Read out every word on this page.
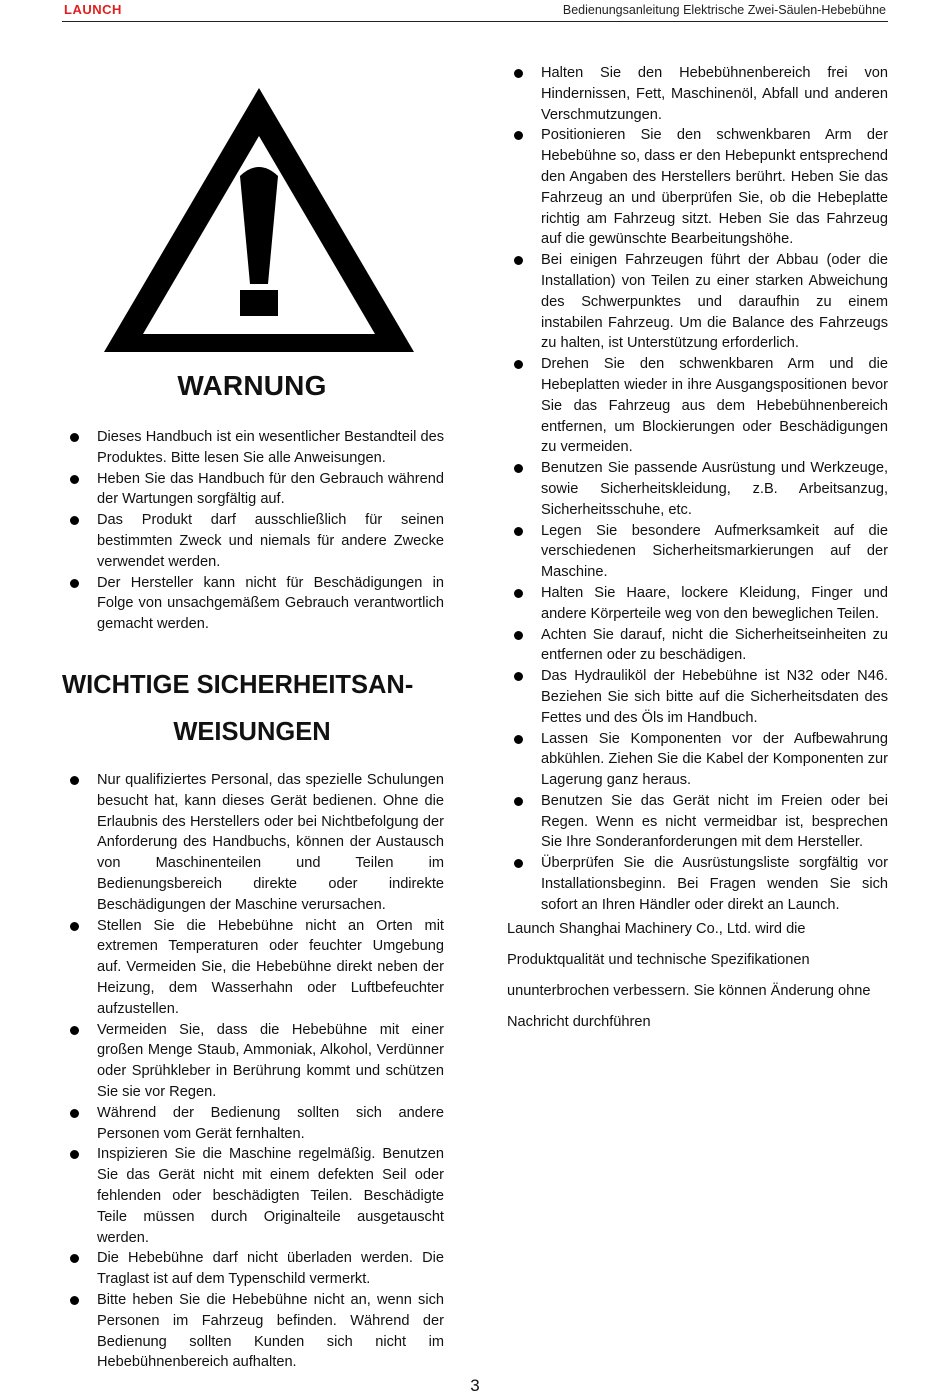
LAUNCH	Bedienungsanleitung Elektrische Zwei-Säulen-Hebebühne
WARNUNG
Dieses Handbuch ist ein wesentlicher Bestandteil des Produktes. Bitte lesen Sie alle Anweisungen.
Heben Sie das Handbuch für den Gebrauch während der Wartungen sorgfältig auf.
Das Produkt darf ausschließlich für seinen bestimmten Zweck und niemals für andere Zwecke verwendet werden.
Der Hersteller kann nicht für Beschädigungen in Folge von unsachgemäßem Gebrauch verantwortlich gemacht werden.
WICHTIGE SICHERHEITSAN-
WEISUNGEN
Nur qualifiziertes Personal, das spezielle Schulungen besucht hat, kann dieses Gerät bedienen. Ohne die Erlaubnis des Herstellers oder bei Nichtbefolgung der Anforderung des Handbuchs, können der Austausch von Maschinenteilen und Teilen im Bedienungsbereich direkte oder indirekte Beschädigungen der Maschine verursachen.
Stellen Sie die Hebebühne nicht an Orten mit extremen Temperaturen oder feuchter Umgebung auf. Vermeiden Sie, die Hebebühne direkt neben der Heizung, dem Wasserhahn oder Luftbefeuchter aufzustellen.
Vermeiden Sie, dass die Hebebühne mit einer großen Menge Staub, Ammoniak, Alkohol, Verdünner oder Sprühkleber in Berührung kommt und schützen Sie sie vor Regen.
Während der Bedienung sollten sich andere Personen vom Gerät fernhalten.
Inspizieren Sie die Maschine regelmäßig. Benutzen Sie das Gerät nicht mit einem defekten Seil oder fehlenden oder beschädigten Teilen. Beschädigte Teile müssen durch Originalteile ausgetauscht werden.
Die Hebebühne darf nicht überladen werden. Die Traglast ist auf dem Typenschild vermerkt.
Bitte heben Sie die Hebebühne nicht an, wenn sich Personen im Fahrzeug befinden. Während der Bedienung sollten Kunden sich nicht im Hebebühnenbereich aufhalten.
Halten Sie den Hebebühnenbereich frei von Hindernissen, Fett, Maschinenöl, Abfall und anderen Verschmutzungen.
Positionieren Sie den schwenkbaren Arm der Hebebühne so, dass er den Hebepunkt entsprechend den Angaben des Herstellers berührt. Heben Sie das Fahrzeug an und überprüfen Sie, ob die Hebeplatte richtig am Fahrzeug sitzt. Heben Sie das Fahrzeug auf die gewünschte Bearbeitungshöhe.
Bei einigen Fahrzeugen führt der Abbau (oder die Installation) von Teilen zu einer starken Abweichung des Schwerpunktes und daraufhin zu einem instabilen Fahrzeug. Um die Balance des Fahrzeugs zu halten, ist Unterstützung erforderlich.
Drehen Sie den schwenkbaren Arm und die Hebeplatten wieder in ihre Ausgangspositionen bevor Sie das Fahrzeug aus dem Hebebühnenbereich entfernen, um Blockierungen oder Beschädigungen zu vermeiden.
Benutzen Sie passende Ausrüstung und Werkzeuge, sowie Sicherheitskleidung, z.B. Arbeitsanzug, Sicherheitsschuhe, etc.
Legen Sie besondere Aufmerksamkeit auf die verschiedenen Sicherheitsmarkierungen auf der Maschine.
Halten Sie Haare, lockere Kleidung, Finger und andere Körperteile weg von den beweglichen Teilen.
Achten Sie darauf, nicht die Sicherheitseinheiten zu entfernen oder zu beschädigen.
Das Hydrauliköl der Hebebühne ist N32 oder N46. Beziehen Sie sich bitte auf die Sicherheitsdaten des Fettes und des Öls im Handbuch.
Lassen Sie Komponenten vor der Aufbewahrung abkühlen. Ziehen Sie die Kabel der Komponenten zur Lagerung ganz heraus.
Benutzen Sie das Gerät nicht im Freien oder bei Regen. Wenn es nicht vermeidbar ist, besprechen Sie Ihre Sonderanforderungen mit dem Hersteller.
Überprüfen Sie die Ausrüstungsliste sorgfältig vor Installationsbeginn. Bei Fragen wenden Sie sich sofort an Ihren Händler oder direkt an Launch.

Launch Shanghai Machinery Co., Ltd. wird die Produktqualität und technische Spezifikationen ununterbrochen verbessern. Sie können Änderung ohne Nachricht durchführen

3
